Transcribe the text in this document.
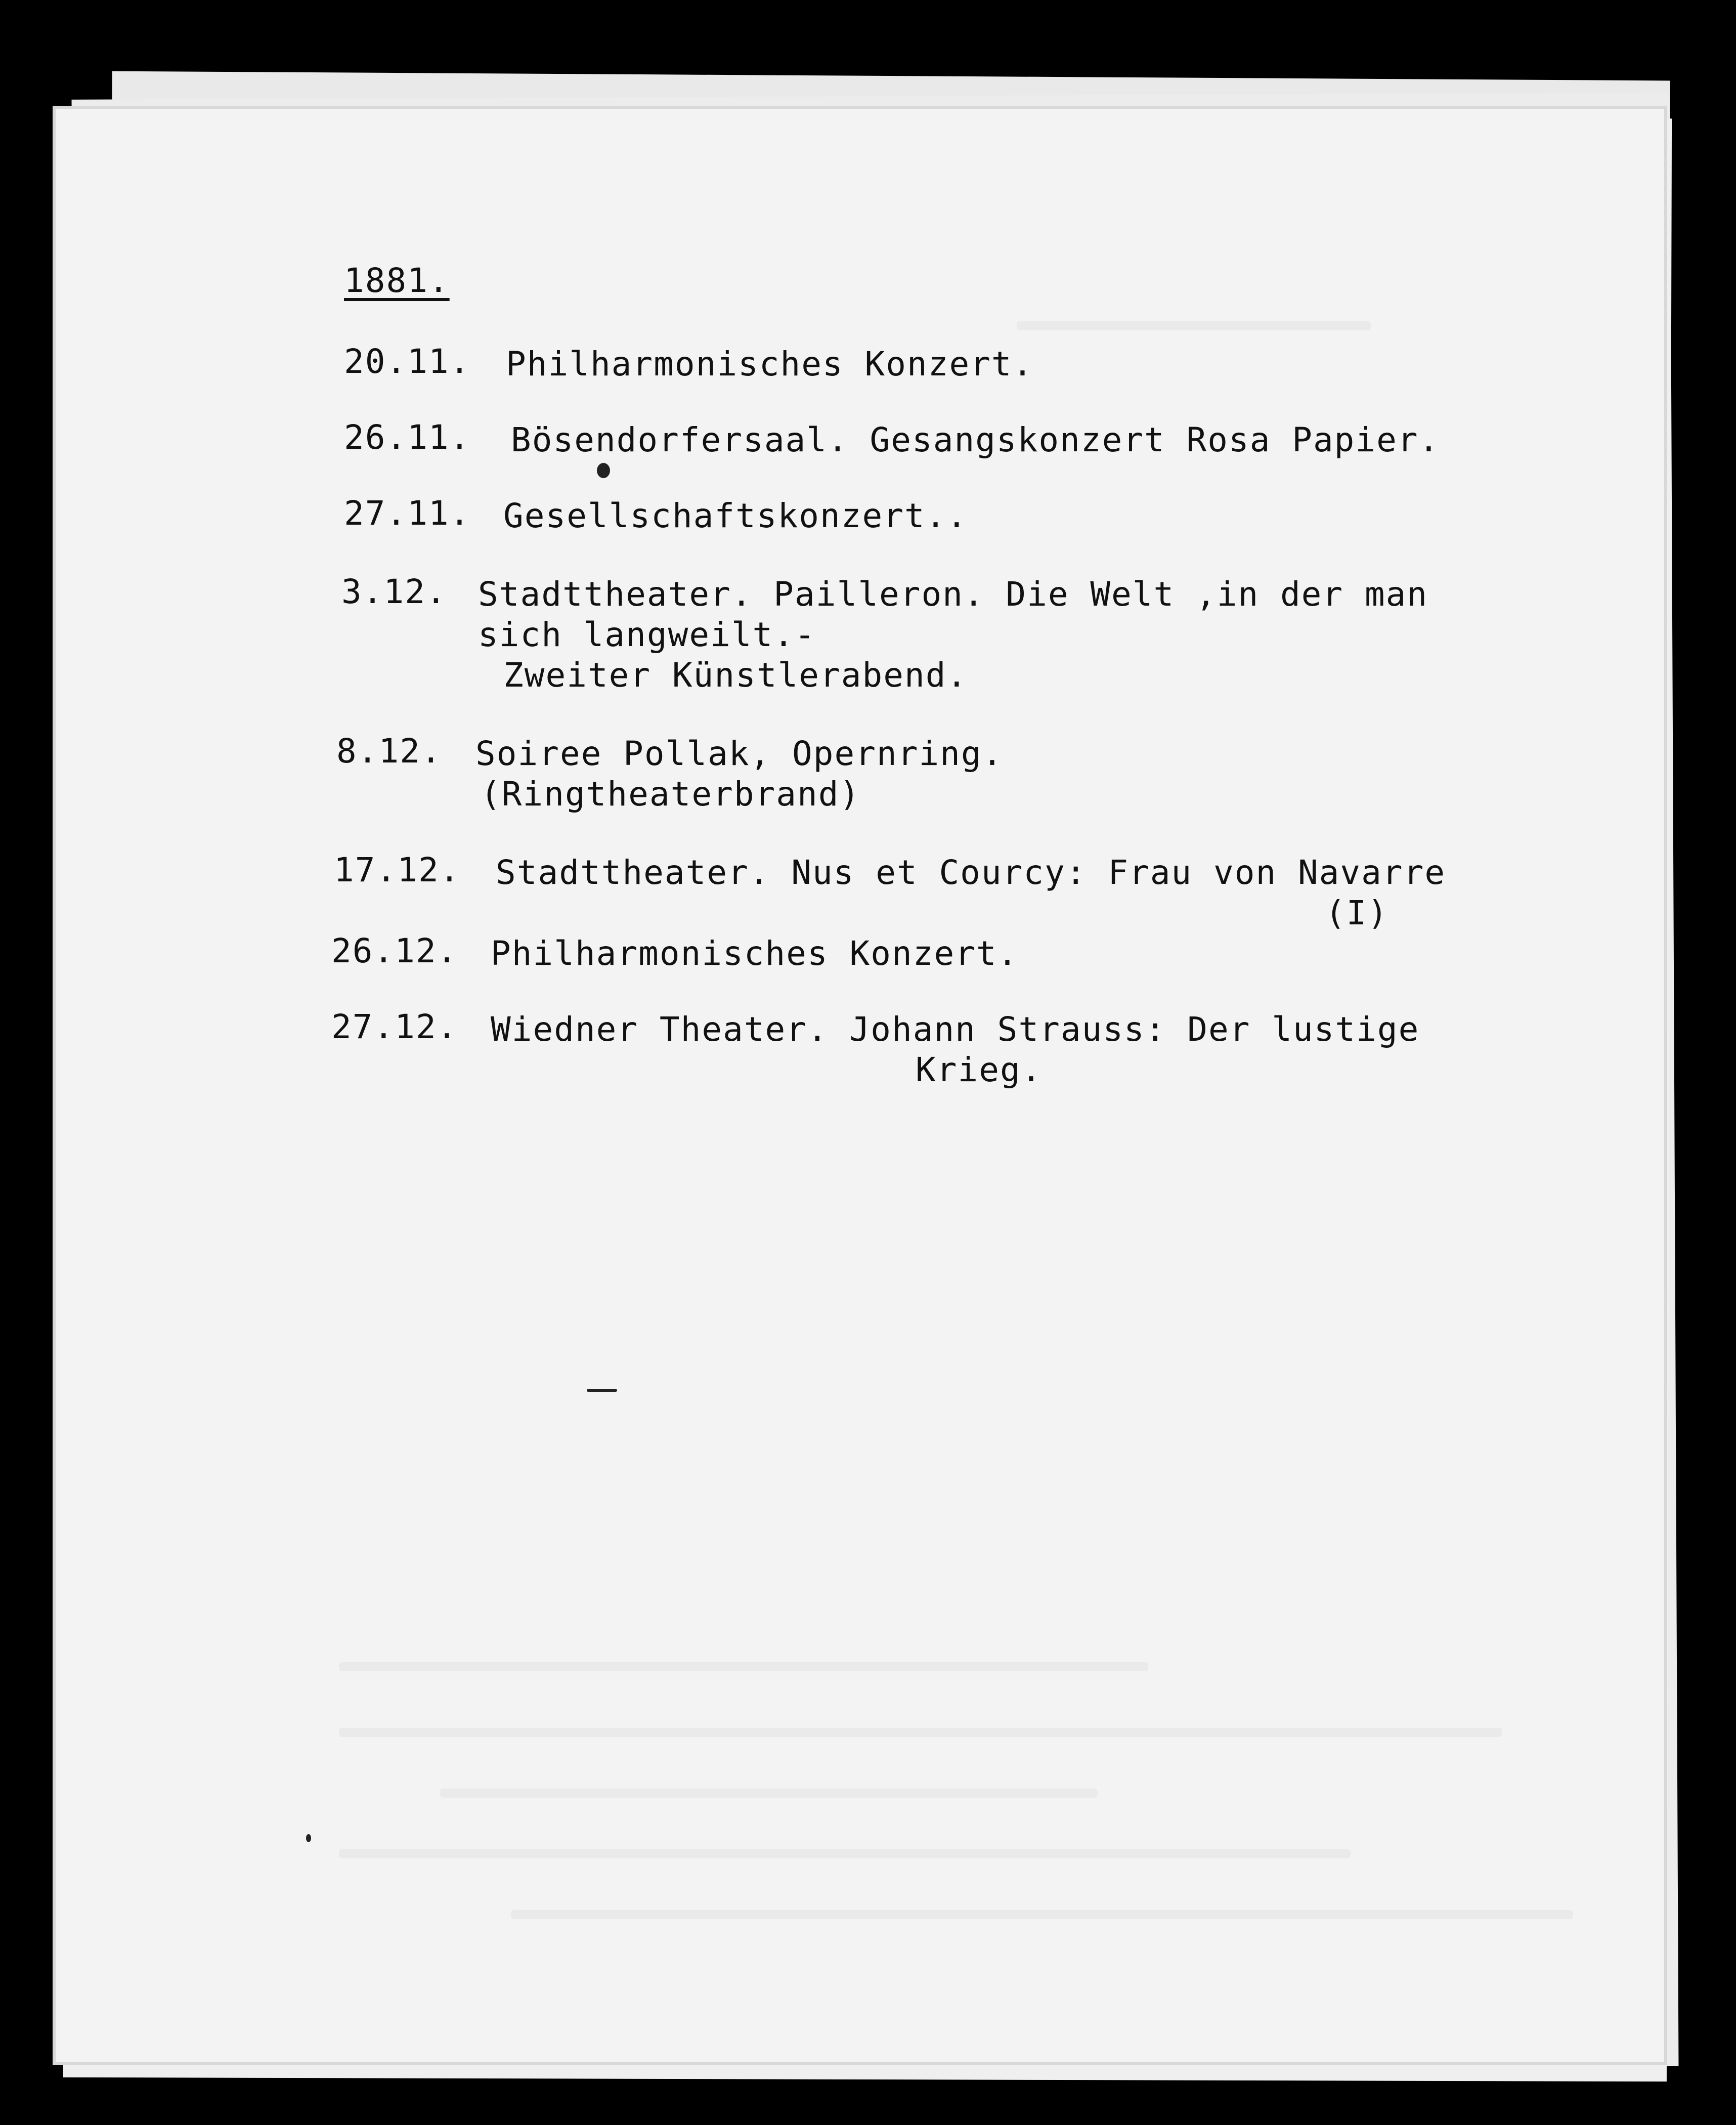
1881.
20.11. Philharmonisches Konzert.
26.11. Bösendorfersaal. Gesangskonzert Rosa Papier.
27.11. Gesellschaftskonzert..
3.12. Stadttheater. Pailleron. Die Welt ,in der man
sich langweilt.-
Zweiter Künstlerabend.
8.12. Soiree Pollak, Opernring.
(Ringtheaterbrand)
17.12. Stadttheater. Nus et Courcy: Frau von Navarre
(I)
26.12. Philharmonisches Konzert.
27.12. Wiedner Theater. Johann Strauss: Der lustige
Krieg.
